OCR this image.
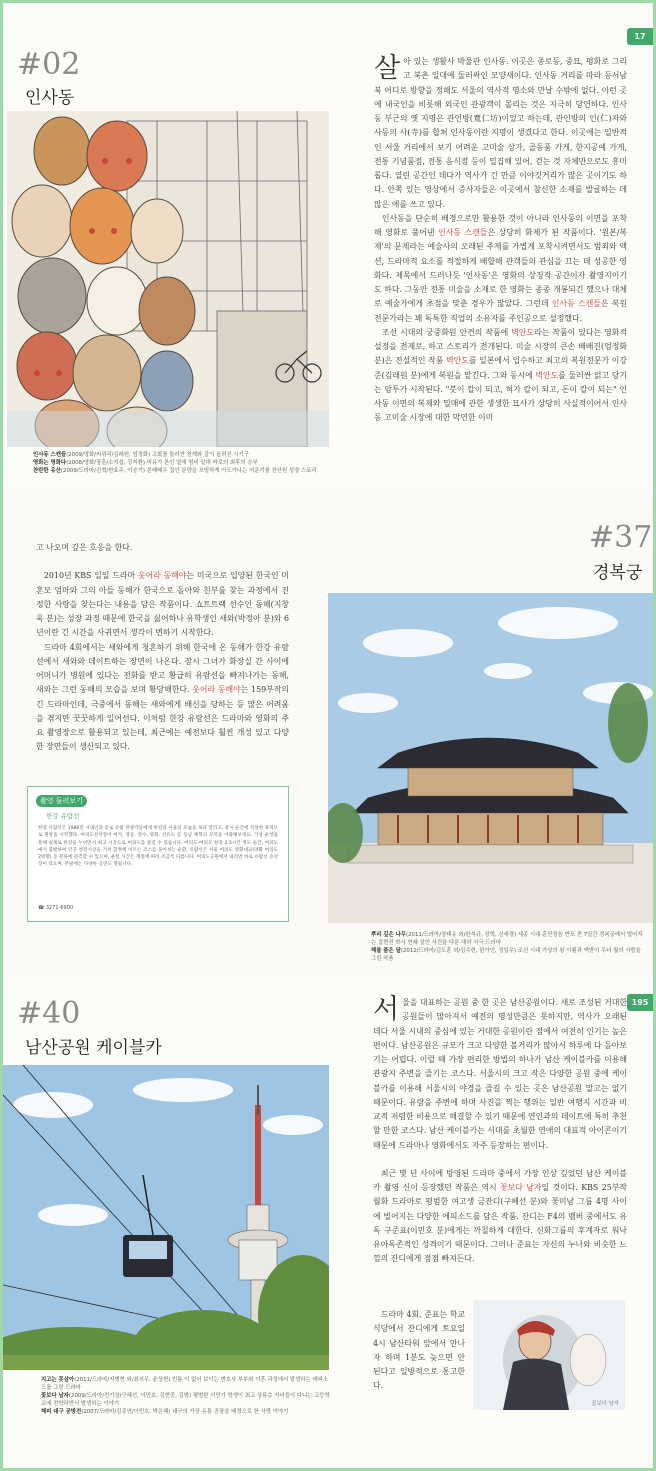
17
#02
인사동
인사동 스캔들(2009/영화/씨위리/김래원, 엄정화) 고화를 둘러싼 천재와 같이 올려진 시기구
영화는 영화다(2008/영화/장훈/소지섭, 강지환) 비유가 본인 열에 엄비 알대 바로의 최후의 승부
찬란한 유산(2009/드라마/진혁/한효주, 이승기) 본래배우 집안 분량을 모빌하게 아도가나는 여운기를 찬산원 성장 스토리

살아 있는 생활사 박물관 인사동. 이곳은 종로동, 중묘, 평화로 그리고 북촌 일대에 둘러싸인 모양새이다. 인사동 거리를 따라 동서남북 어디로 방향을 정해도 서울의 역사적 명소와 만날 수밖에 없다. 이런 곳에 내국인을 비롯해 외국인 관광객이 몰리는 것은 지극히 당연하다. 인사동 부근의 옛 지명은 관인방(寬仁坊)이었고 하는데, 관인방의 인(仁)자와 사동의 사(寺)를 합쳐 인사동이란 지명이 생겼다고 한다. 이곳에는 일반적인 서울 거리에서 보기 어려운 고미술 상가, 골동품 가게, 한지공예 가게, 전통 기념품점, 전통 음식점 등이 밀집해 있어, 걷는 것 자체만으로도 흥미롭다. 열린 공간인 데다가 역사가 긴 만큼 이야깃거리가 많은 곳이기도 하다. 안쪽 있는 영상에서 증사자들은 이곳에서 참신한 소재를 발굴하는 데 많은 애를 쓰고 있다.

인사동을 단순히 배경으로만 활용한 것이 아니라 인사동의 이면을 포착해 영화로 풀어낸 인사동 스캔들은 상당히 화제가 된 작품이다. '원본/복제'의 문제라는 예술사의 오래된 주제를 가볍게 포착시켜면서도 범죄와 액션, 드라마적 요소를 적절하게 배합해 관객들의 관심을 끄는 데 성공한 영화다. 제목에서 드러나듯 '인사동'은 영화의 상징적 공간이자 촬영지이기도 하다. 그동안 전통 미술을 소재로 한 영화는 종종 개봉되긴 했으나 대체로 예술가에게 초점을 맞춘 경우가 많았다. 그런데 인사동 스캔들은 복원전문가라는 꽤 독특한 직업의 소유자를 주인공으로 설정했다.

조선 시대의 궁중화원 안견의 작품에 벽안도라는 작품이 있다는 영화적 설정을 전제로, 하고 스토리가 전개된다. 미술 시장의 큰손 배배진(엄정화 분)은 전설적인 작품 벽안도를 일본에서 입수하고 최고의 복원전문가 이강준(김래원 분)에게 복원을 맡긴다. 그와 동시에 벽안도를 둘러싼 얽고 당기는 암투가 시작된다. "붓이 칼이 되고, 혀가 칼이 되고, 돈이 칼이 되는" 인사동 이면의 복제와 밀매에 관한 생생한 묘사가 상당히 사실적이어서 인사동 고미술 시장에 대한 막연한 이미

고 나오며 깊은 흐응을 한다.

2010년 KBS 일일 드라마 웃어라 동해야는 미국으로 입양된 한국인 미혼모 엄마와 그의 아들 동해가 한국으로 돌아와 친부를 찾는 과정에서 진정한 사랑을 찾는다는 내용을 담은 작품이다. 쇼트트랙 선수인 동해(지창욱 분)는 성장 과정 때문에 한국을 싫어하나 유학생인 새와(박정아 분)와 6년이란 긴 시간을 사귀면서 생각이 변하기 시작한다.

드라마 4회에서는 새와에게 청혼하기 위해 한국에 온 동해가 한강 유람선에서 새와와 데이트하는 장면이 나온다. 잠시 그녀가 화장실 간 사이에 어머니가 병원에 있다는 전화를 받고 황급히 유람선을 빠져나가는 동해, 새와는 그런 동해의 모습을 보며 황당해한다. 웃어라 동해야는 159부작의 긴 드라마인데, 극중에서 동해는 새와에게 배신을 당하는 등 많은 어려움을 겪지만 꿋꿋하게 일어선다. 이처럼 한강 유람선은 드라마와 영화의 주요 촬영장으로 활용되고 있는데, 최근에는 예전보다 훨씬 개성 있고 다양한 장면들이 생산되고 있다.

촬영 둘러보기
한강 유람선
한강 유람선은 1986년 시내인과 통로 유람 관광객들에게 한강과 서울의 모습을 보다 알리고, 총시 순간에 적설한 목적으로 취항을 시작했다. 여의도선착장이 여가, 영등, 영수, 양화, 선유도 등 동남 체혁의 모역을 이용해보세요. 가상 운항을 통해 실제로 한강을 누비면서 최고 시간으로 여의도를 즐길 수 있습니다. 여의도-여의도 한강 2.5시간 정도 순간, 여의도에서 출발하여 인공 청전시상을 거쳐 합정에 이르는 코스를 돌아보는 순환, 유람선은 서울 여의도 양화대교(양화 여의도 2방향) 등 분류에 관측할 수 있으며, 운항 시간은 계절에 따라 조금씩 다릅니다. 여의도공원에서 내리면 바로 유람선 승선장이 있으며, 주말에는 다양한 공연도 열립니다.
☎ 3271-6900
#37
경복궁
뿌리 깊은 나무(2011/드라마/장태유 외/한석규, 장혁, 신세경) 세종 시대 훈민정음 반포 전 7일간 경복궁에서 벌어지는 집현전 학사 연쇄 살인 사건을 다룬 대하 사극 드라마
해를 품은 달(2012/드라마/김도훈 외/김수현, 한가인, 정일우) 조선 시대 가상의 왕 이훤과 액받이 무녀 월의 사랑을 그린 작품
195
#40
남산공원 케이블카
지고는 못살아(2011/드라마/지병현 외/최지우, 윤상현) 빈틈 이 없어 보이는 변호사 부부와 이혼 과정에서 발생하는 에피소드를 그린 드라마
꽃보다 남자(2009/드라마/전기상/구혜선, 이민호, 김현중, 김범) 평범한 서민가 학생이 최고 상류층 자녀들이 다니는 고등학교에 전학하면서 발생하는 이야기
해피 대구 공방전(2007/드라마/김종연/이민호, 박은혜) 대구의 가상 유통 공장을 배경으로 한 사랑 이야기

서울을 대표하는 공원 중 한 곳은 남산공원이다. 새로 조성된 거대한 공원들이 많아져서 예전의 명성만큼은 못하지만, 역사가 오래된 데다 서울 시내의 중심에 있는 거대한 공원이란 점에서 여전히 인기는 높은 편이다. 남산공원은 규모가 크고 다양한 볼거리가 많아서 하루에 다 돌아보기는 어렵다. 이럴 때 가장 편리한 방법의 하나가 남산 케이블카를 이용해 관광지 주변을 즐기는 코스다. 서울시의 크고 작은 다양한 공원 중에 케이블카를 이용해 서울시의 야경을 즐길 수 있는 곳은 남산공원 말고는 없기 때문이다. 유람을 주변에 하며 사진을 찍는 행위는 일반 여행지 시간과 비교적 저렴한 비용으로 해결할 수 있기 때문에 연인과의 데이트에 특히 추천할 만한 코스다. 남산 케이블카는 서대를 초월한 연애의 대표적 아이콘이기 때문에 드라마나 영화에서도 자주 등장하는 편이다.

최근 몇 년 사이에 방영된 드라마 중에서 가장 인상 깊었던 남산 케이블카 촬영 신이 등장했던 작품은 역시 꽃보다 남자일 것이다. KBS 25부작 월화 드라마로 평범한 여고생 금잔디(구혜선 분)와 꽃미남 그룹 4명 사이에 벌어지는 다양한 에피소드를 담은 작품. 잔디는 F4의 멤버 중에서도 유독 구준표(이민호 분)에게는 까칠하게 대한다. 신화그룹의 후계자로 워낙 유아독존적인 성격이기 때문이다. 그러나 준표는 자신의 누나와 비슷한 느낌의 잔디에게 점점 빠져든다.

드라마 4회, 준표는 학교 식당에서 잔디에게 토요일 4시 남산타워 앞에서 만나자 하며 1분도 늦으면 안 된다고 일방적으로 통고한다.

꽃보다 남자
